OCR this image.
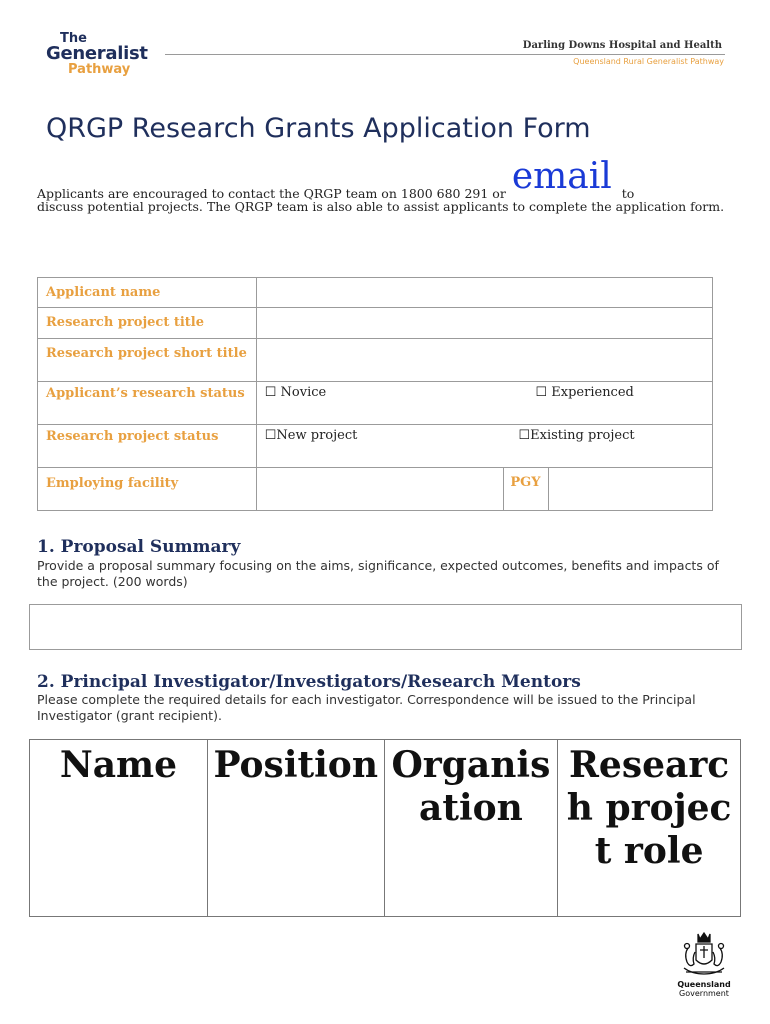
The
Generalist
Pathway
Darling Downs Hospital and Health
Queensland Rural Generalist Pathway
QRGP Research Grants Application Form
Applicants are encouraged to contact the QRGP team on 1800 680 291 or email to
discuss potential projects. The QRGP team is also able to assist applicants to complete the application form.
Applicant name			
Research project title			
Research project short title			
Applicant’s research status	☐ Novice ☐ Experienced		

Research project status	☐New project ☐Existing project		

Employing facility		PGY	
1. Proposal Summary
Provide a proposal summary focusing on the aims, significance, expected outcomes, benefits and impacts of the project. (200 words)
2. Principal Investigator/Investigators/Research Mentors
Please complete the required details for each investigator. Correspondence will be issued to the Principal Investigator (grant recipient).
Name	Position	Organisation	Research project role
Queensland
Government
